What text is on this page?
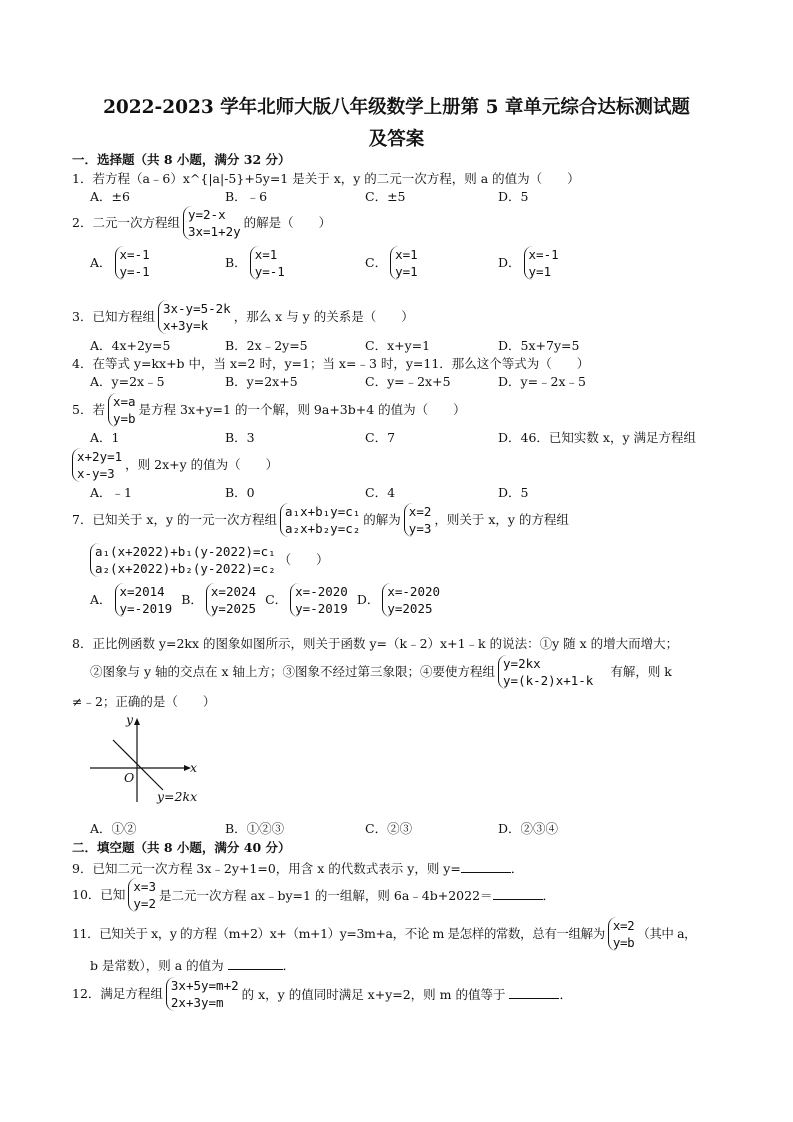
2022-2023 学年北师大版八年级数学上册第 5 章单元综合达标测试题
及答案
一．选择题（共 8 小题，满分 32 分）
1．若方程（a﹣6）x^{|a|-5}+5y=1 是关于 x，y 的二元一次方程，则 a 的值为（　　）
A．±6	B．﹣6	C．±5	D．5
2．二元一次方程组
y=2-x
3x=1+2y
的解是（　　）
A．
x=-1
y=-1
B．
x=1
y=-1
C．
x=1
y=1
D．
x=-1
y=1
3．已知方程组
3x-y=5-2k
x+3y=k
，那么 x 与 y 的关系是（　　）
A．4x+2y=5	B．2x﹣2y=5	C．x+y=1	D．5x+7y=5
4．在等式 y=kx+b 中，当 x=2 时，y=1；当 x=﹣3 时，y=11．那么这个等式为（　　）
A．y=2x﹣5	B．y=2x+5	C．y=﹣2x+5	D．y=﹣2x﹣5
5．若
x=a
y=b
是方程 3x+y=1 的一个解，则 9a+3b+4 的值为（　　）
A．1	B．3	C．7	D．46．已知实数 x，y 满足方程组
x+2y=1
x-y=3
，则 2x+y 的值为（　　）
A．﹣1	B．0	C．4	D．5
7．已知关于 x，y 的一元一次方程组
a₁x+b₁y=c₁
a₂x+b₂y=c₂
的解为
x=2
y=3
，则关于 x，y 的方程组
a₁(x+2022)+b₁(y-2022)=c₁
a₂(x+2022)+b₂(y-2022)=c₂
（　　）
A．
x=2014
y=-2019
B．
x=2024
y=2025
C．
x=-2020
y=-2019
D．
x=-2020
y=2025
8．正比例函数 y=2kx 的图象如图所示，则关于函数 y=（k﹣2）x+1﹣k 的说法：①y 随 x 的增大而增大；
②图象与 y 轴的交点在 x 轴上方；③图象不经过第三象限；④要使方程组
y=2kx
y=(k-2)x+1-k
有解，则 k
≠﹣2；正确的是（　　）
y
x
O
y=2kx
A．①②	B．①②③	C．②③	D．②③④
二．填空题（共 8 小题，满分 40 分）
9．已知二元一次方程 3x﹣2y+1=0，用含 x 的代数式表示 y，则 y=	．
10．已知
x=3
y=2
是二元一次方程 ax﹣by=1 的一组解，则 6a﹣4b+2022＝	．
11．已知关于 x，y 的方程（m+2）x+（m+1）y=3m+a，不论 m 是怎样的常数，总有一组解为
x=2
y=b
（其中 a，
b 是常数），则 a 的值为	．
12．满足方程组
3x+5y=m+2
2x+3y=m
的 x，y 的值同时满足 x+y=2，则 m 的值等于	．
